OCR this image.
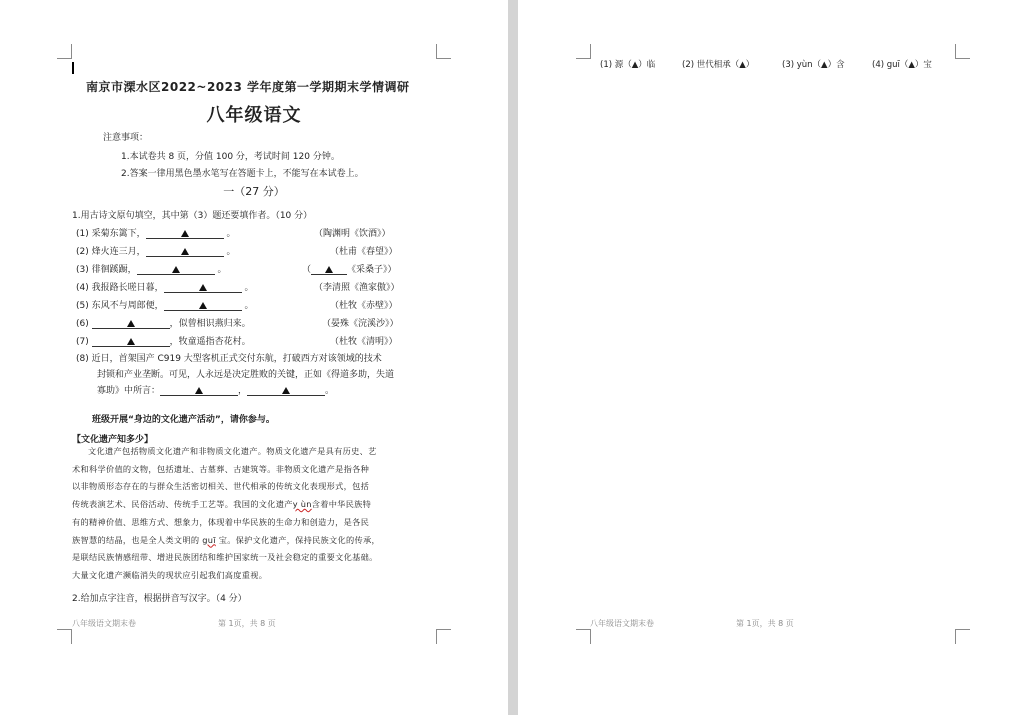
南京市溧水区2022~2023 学年度第一学期期末学情调研
八年级语文
注意事项：
1.本试卷共 8 页，分值 100 分，考试时间 120 分钟。
2.答案一律用黑色墨水笔写在答题卡上，不能写在本试卷上。
一（27 分）
1.用古诗文原句填空，其中第（3）题还要填作者。（10 分）
(1) 采菊东篱下，	。	（陶渊明《饮酒》）
(2) 烽火连三月，	。	（杜甫《春望》）
(3) 徘徊蹊蹰，	。	（	《采桑子》）
(4) 我报路长嗟日暮，	。	（李清照《渔家傲》）
(5) 东风不与周郎便，	。	（杜牧《赤壁》）
(6)	，似曾相识燕归来。	（晏殊《浣溪沙》）
(7)	，牧童遥指杏花村。	（杜牧《清明》）
(8) 近日，首架国产 C919 大型客机正式交付东航，打破西方对该领域的技术
封锁和产业垄断。可见，人永远是决定胜败的关键，正如《得道多助，失道
寡助》中所言：	，	。
班级开展“身边的文化遗产活动”，请你参与。
【文化遗产知多少】
文化遗产包括物质文化遗产和非物质文化遗产。物质文化遗产是具有历史、艺
术和科学价值的文物，包括遗址、古墓葬、古建筑等。非物质文化遗产是指各种
以非物质形态存在的与群众生活密切相关、世代相承的传统文化表现形式，包括
传统表演艺术、民俗活动、传统手工艺等。我国的文化遗产y ùn含着中华民族特
有的精神价值、思维方式、想象力，体现着中华民族的生命力和创造力，是各民
族智慧的结晶，也是全人类文明的 guī 宝。保护文化遗产，保持民族文化的传承，
是联结民族情感纽带、增进民族团结和维护国家统一及社会稳定的重要文化基础。
大量文化遗产濒临消失的现状应引起我们高度重视。
2.给加点字注音，根据拼音写汉字。（4 分）
八年级语文期末卷	第 1页，共 8 页
(1) 源（▲）临	(2) 世代相承（▲）	(3) yùn（▲）含	(4) guī（▲）宝
八年级语文期末卷	第 1页，共 8 页
